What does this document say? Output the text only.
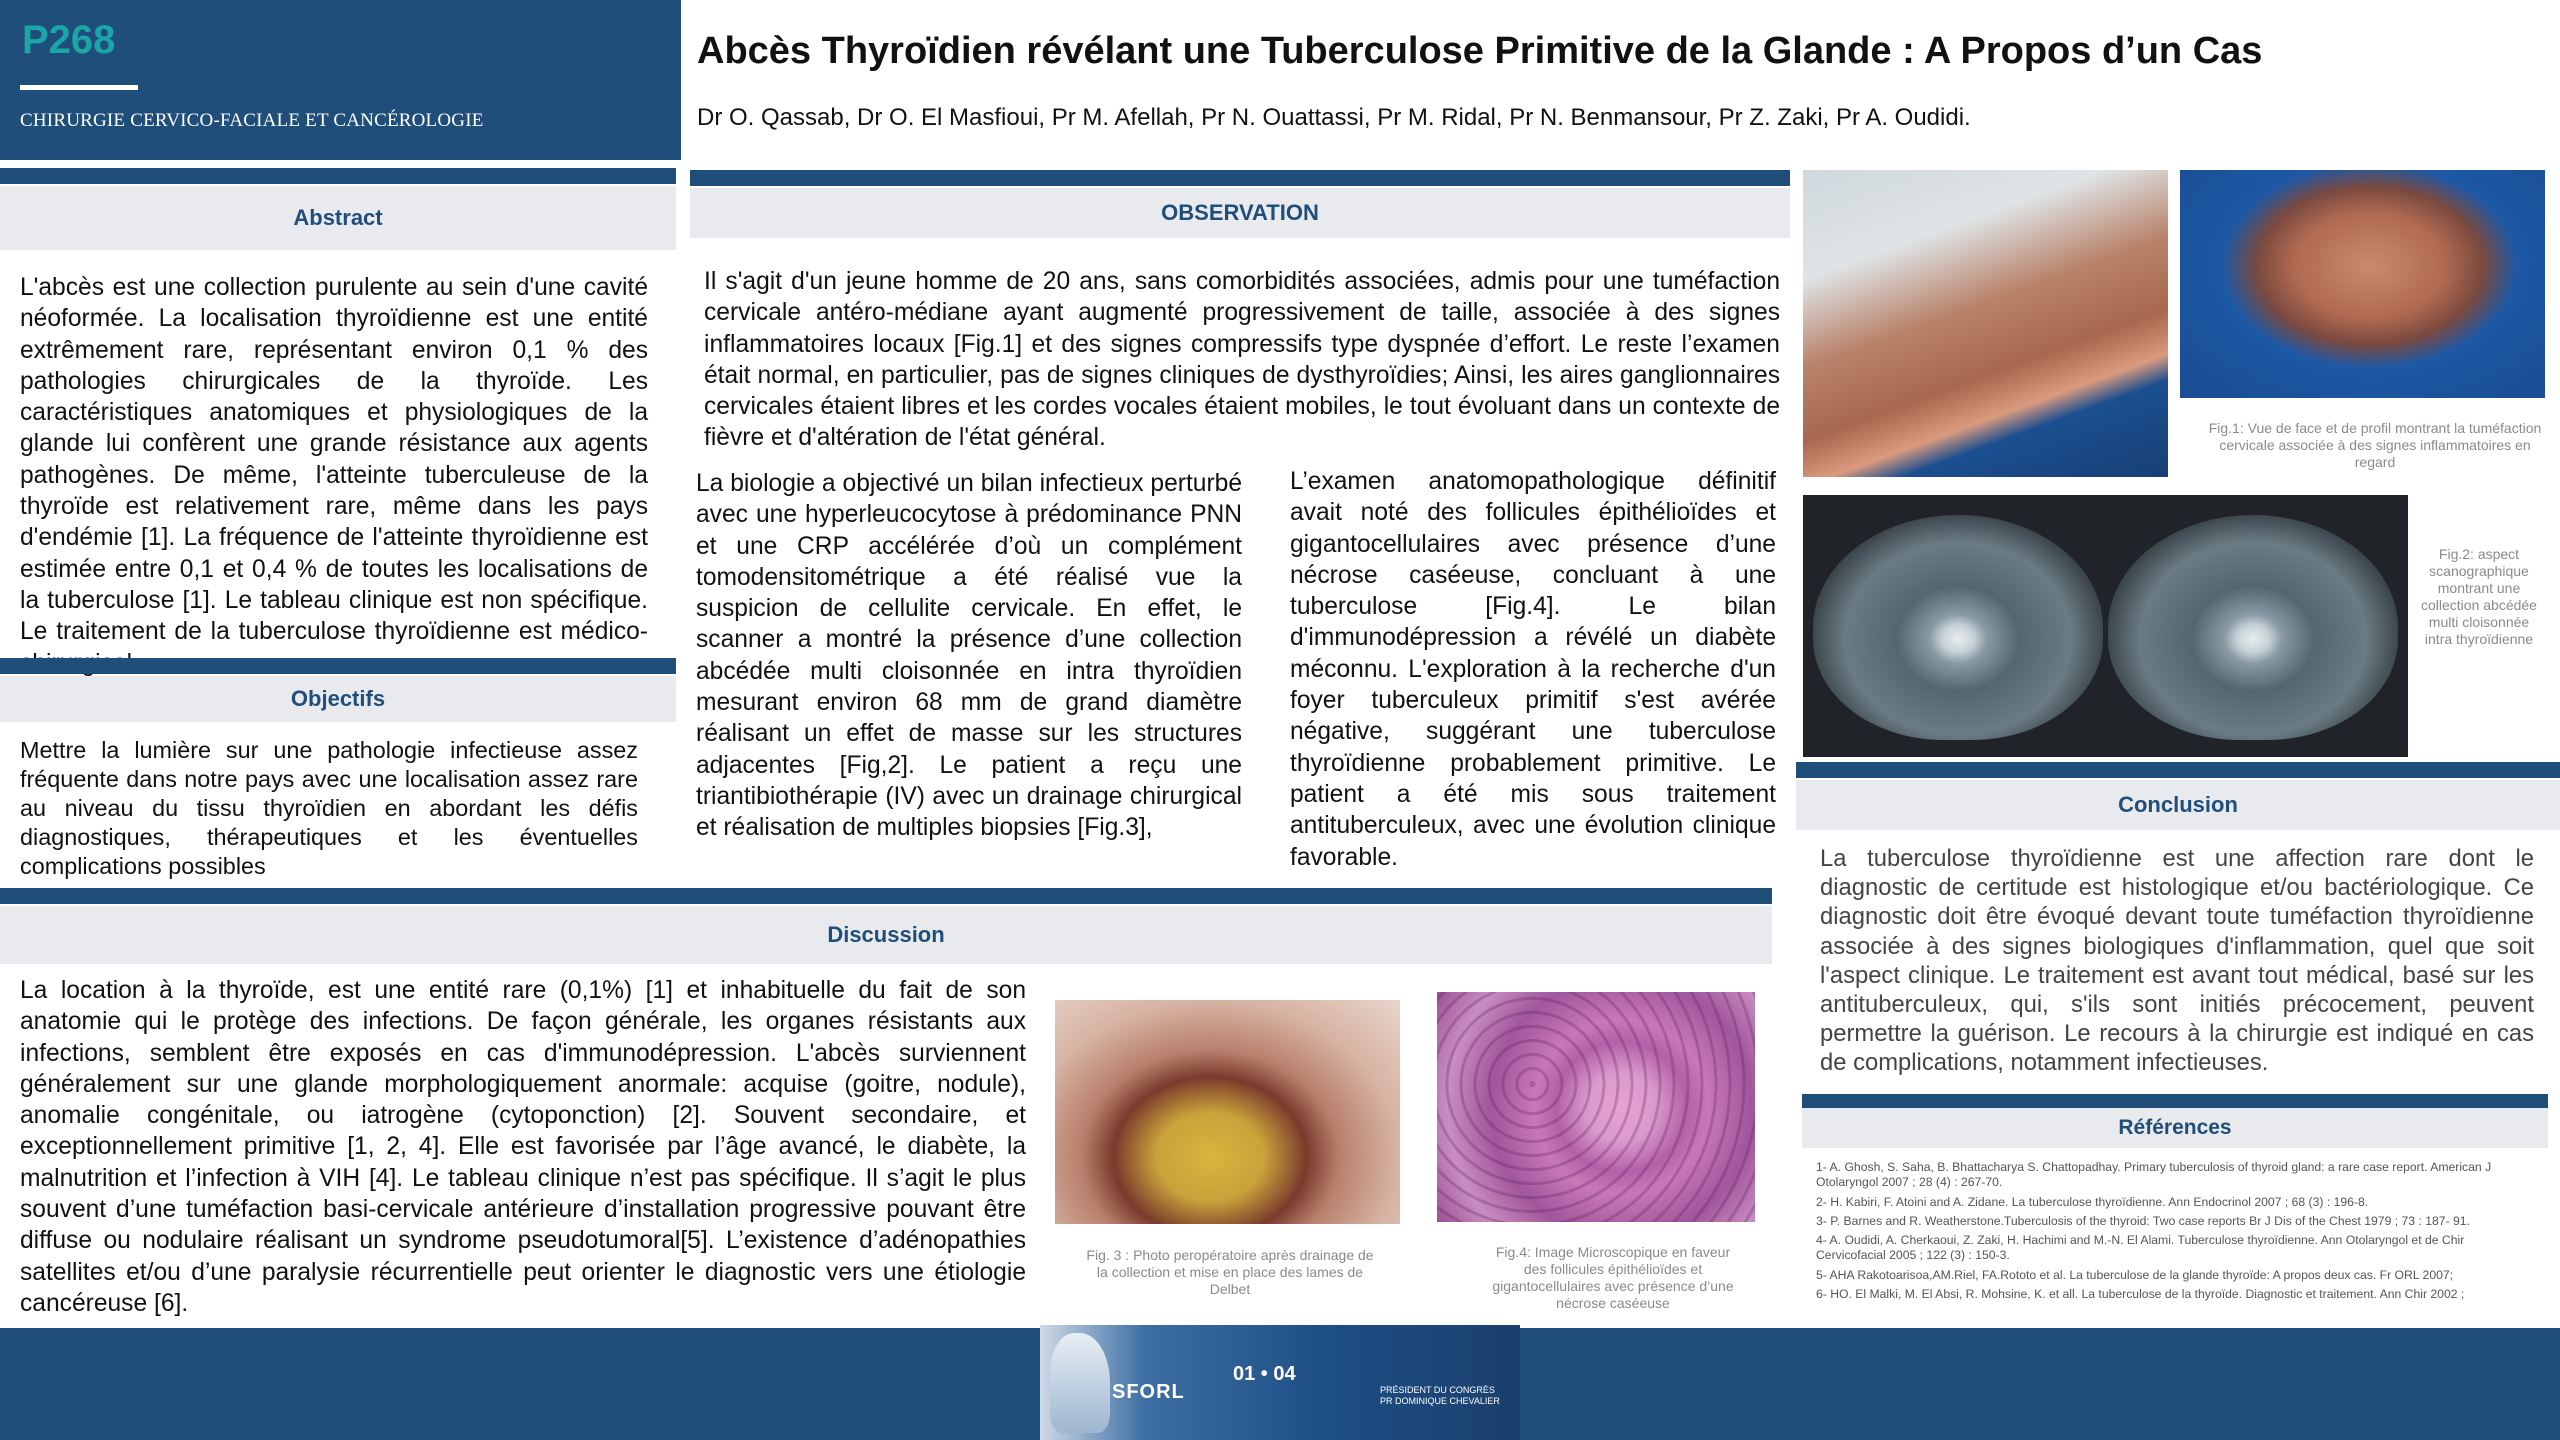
P268
CHIRURGIE CERVICO-FACIALE ET CANCÉROLOGIE
Abcès Thyroïdien révélant une Tuberculose Primitive de la Glande : A Propos d’un Cas
Dr O. Qassab, Dr O. El Masfioui, Pr M. Afellah, Pr N. Ouattassi, Pr M. Ridal, Pr N. Benmansour, Pr Z. Zaki, Pr A. Oudidi.
Abstract
L'abcès est une collection purulente au sein d'une cavité néoformée. La localisation thyroïdienne est une entité extrêmement rare, représentant environ 0,1 % des pathologies chirurgicales de la thyroïde. Les caractéristiques anatomiques et physiologiques de la glande lui confèrent une grande résistance aux agents pathogènes. De même, l'atteinte tuberculeuse de la thyroïde est relativement rare, même dans les pays d'endémie [1]. La fréquence de l'atteinte thyroïdienne est estimée entre 0,1 et 0,4 % de toutes les localisations de la tuberculose [1]. Le tableau clinique est non spécifique. Le traitement de la tuberculose thyroïdienne est médico-
Objectifs
Mettre la lumière sur une pathologie infectieuse assez fréquente dans notre pays avec une localisation assez rare au niveau du tissu thyroïdien en abordant les défis diagnostiques, thérapeutiques et les éventuelles complications possibles
OBSERVATION
Il s'agit d'un jeune homme de 20 ans, sans comorbidités associées, admis pour une tuméfaction cervicale antéro-médiane ayant augmenté progressivement de taille, associée à des signes inflammatoires locaux [Fig.1] et des signes compressifs type dyspnée d’effort. Le reste l’examen était normal, en particulier, pas de signes cliniques de dysthyroïdies; Ainsi, les aires ganglionnaires cervicales étaient libres et les cordes vocales étaient mobiles, le tout évoluant dans un contexte de fièvre et d'altération de l'état général.
La biologie a objectivé un bilan infectieux perturbé avec une hyperleucocytose à prédominance PNN et une CRP accélérée d’où un complément tomodensitométrique a été réalisé vue la suspicion de cellulite cervicale. En effet, le scanner a montré la présence d’une collection abcédée multi cloisonnée en intra thyroïdien mesurant environ 68 mm de grand diamètre réalisant un effet de masse sur les structures adjacentes [Fig,2]. Le patient a reçu une triantibiothérapie (IV) avec un drainage chirurgical et réalisation de multiples biopsies [Fig.3],
L’examen anatomopathologique définitif avait noté des follicules épithélioïdes et gigantocellulaires avec présence d’une nécrose caséeuse, concluant à une tuberculose [Fig.4]. Le bilan d'immunodépression a révélé un diabète méconnu. L'exploration à la recherche d'un foyer tuberculeux primitif s'est avérée négative, suggérant une tuberculose thyroïdienne probablement primitive. Le patient a été mis sous traitement antituberculeux, avec une évolution clinique favorable.
Fig.1: Vue de face et de profil montrant la tuméfaction cervicale associée à des signes inflammatoires en regard
Fig.2: aspect scanographique montrant une collection abcédée multi cloisonnée intra thyroïdienne
Conclusion
La tuberculose thyroïdienne est une affection rare dont le diagnostic de certitude est histologique et/ou bactériologique. Ce diagnostic doit être évoqué devant toute tuméfaction thyroïdienne associée à des signes biologiques d'inflammation, quel que soit l'aspect clinique. Le traitement est avant tout médical, basé sur les antituberculeux, qui, s'ils sont initiés précocement, peuvent permettre la guérison. Le recours à la chirurgie est indiqué en cas de complications, notamment infectieuses.
Références
1- A. Ghosh, S. Saha, B. Bhattacharya S. Chattopadhay. Primary tuberculosis of thyroid gland: a rare case report. American J Otolaryngol 2007 ; 28 (4) : 267-70.
2- H. Kabiri, F. Atoini and A. Zidane. La tuberculose thyroïdienne. Ann Endocrinol 2007 ; 68 (3) : 196-8.
3- P. Barnes and R. Weatherstone.Tuberculosis of the thyroid: Two case reports Br J Dis of the Chest 1979 ; 73 : 187- 91.
4- A. Oudidi, A. Cherkaoui, Z. Zaki, H. Hachimi and M.-N. El Alami. Tuberculose thyroïdienne. Ann Otolaryngol et de Chir Cervicofacial 2005 ; 122 (3) : 150-3.
5- AHA Rakotoarisoa,AM.Riel, FA.Rototo et al. La tuberculose de la glande thyroïde: A propos deux cas. Fr ORL 2007;
6- HO. El Malki, M. El Absi, R. Mohsine, K. et all. La tuberculose de la thyroïde. Diagnostic et traitement. Ann Chir 2002 ;
Discussion
La location à la thyroïde, est une entité rare (0,1%) [1] et inhabituelle du fait de son anatomie qui le protège des infections. De façon générale, les organes résistants aux infections, semblent être exposés en cas d'immunodépression. L'abcès surviennent généralement sur une glande morphologiquement anormale: acquise (goitre, nodule), anomalie congénitale, ou iatrogène (cytoponction) [2]. Souvent secondaire, et exceptionnellement primitive [1, 2, 4]. Elle est favorisée par l’âge avancé, le diabète, la malnutrition et l’infection à VIH [4]. Le tableau clinique n’est pas spécifique. Il s’agit le plus souvent d’une tuméfaction basi-cervicale antérieure d’installation progressive pouvant être diffuse ou nodulaire réalisant un syndrome pseudotumoral[5]. L’existence d’adénopathies satellites et/ou d’une paralysie récurrentielle peut orienter le diagnostic vers une étiologie cancéreuse [6].
Fig. 3 : Photo peropératoire après drainage de la collection et mise en place des lames de Delbet
Fig.4: Image Microscopique en faveur des follicules épithélioïdes et gigantocellulaires avec présence d’une nécrose caséeuse
SFORL
01 • 04
PRÉSIDENT DU CONGRÈS PR DOMINIQUE CHEVALIER
